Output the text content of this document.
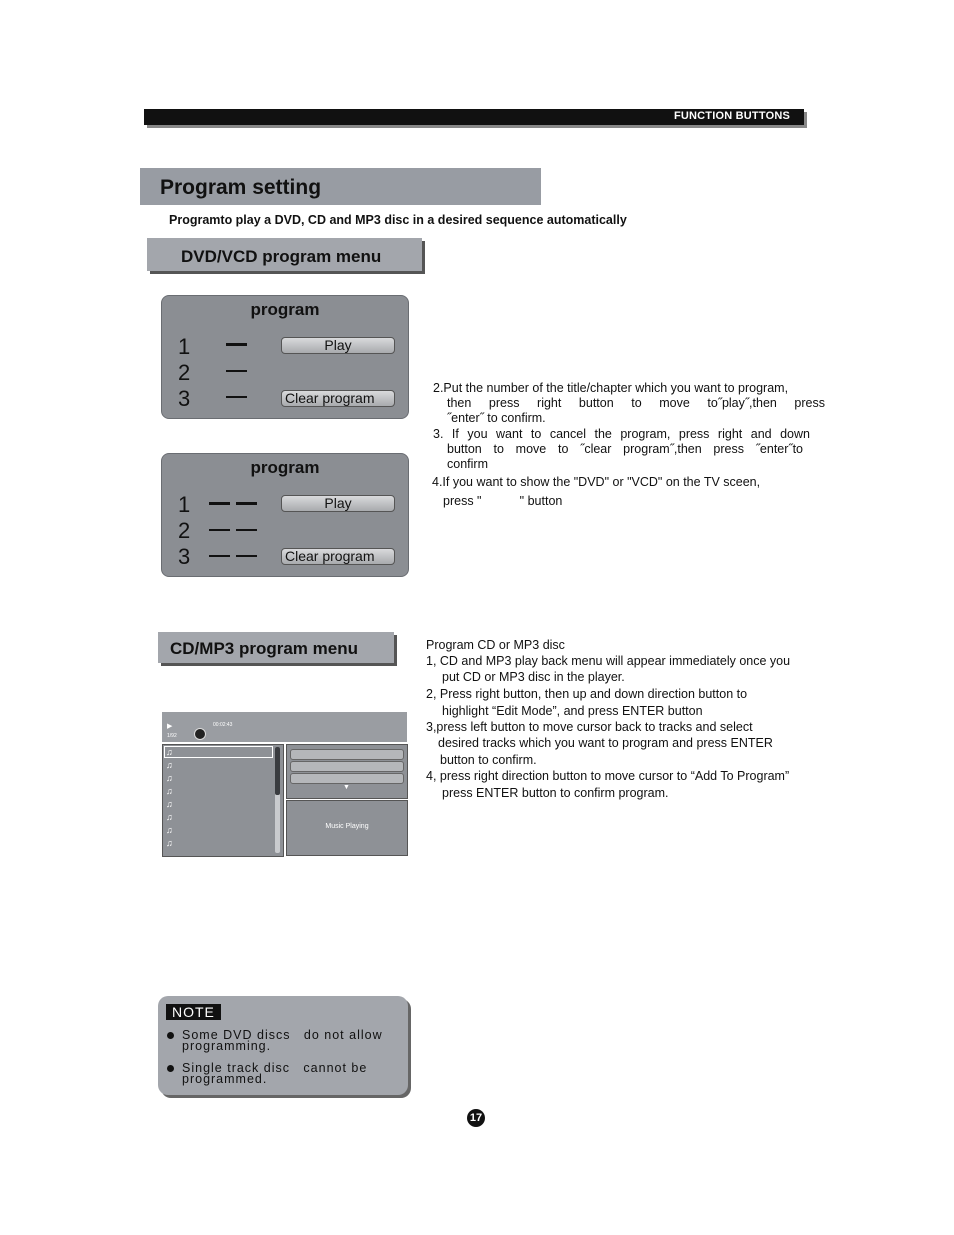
FUNCTION BUTTONS
Program setting
Programto play a DVD, CD and MP3 disc in a desired sequence automatically
DVD/VCD program menu
program
1
2
3
Play
Clear program
program
1
2
3
Play
Clear program
2.Put the number of the title/chapter which you want to program,
then press right button to move to˝play˝,then press
˝enter˝ to confirm.
3. If you want to cancel the program, press right and down
button to move to ˝clear program˝,then press ˝enter˝to
confirm
4.If you want to show the "DVD" or "VCD" on the TV sceen,
press "           " button
CD/MP3 program menu
▶
1/92
00:02:43
♫
♫
♫
♫
♫
♫
♫
♫
▼
Music Playing
Program CD or MP3 disc
1, CD and MP3 play back menu will appear immediately once you
put CD or MP3 disc in the player.
2, Press right button, then up and down direction button to
highlight “Edit Mode”, and press ENTER button
3,press left button to move cursor back to tracks and select
desired tracks which you want to program and press ENTER
button to confirm.
4, press right direction button to move cursor to “Add To Program”
press ENTER button to confirm program.
NOTE
Some DVD discs   do not allow
programming.
Single track disc   cannot be
programmed.
17
